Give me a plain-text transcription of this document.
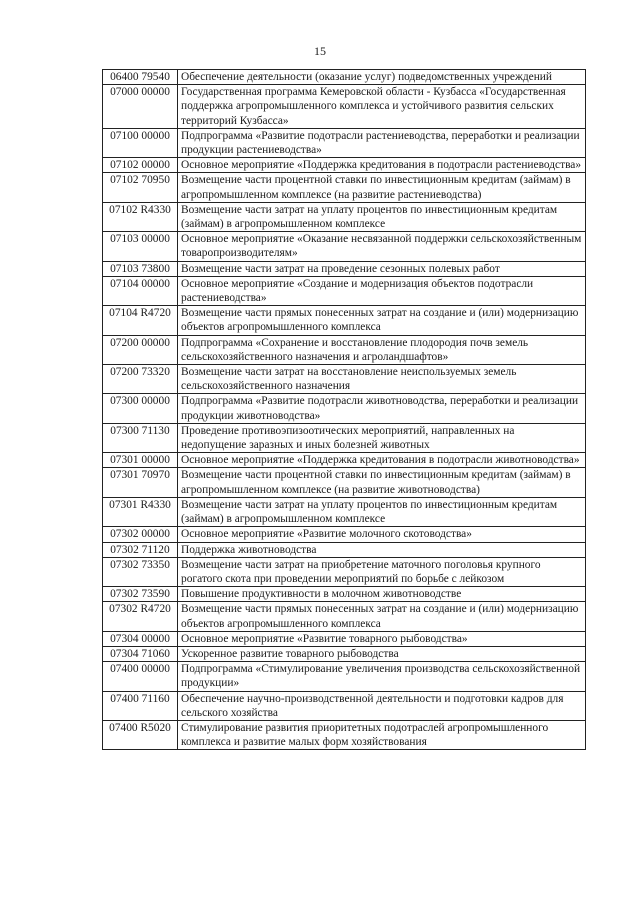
15
06400 79540	Обеспечение деятельности (оказание услуг) подведомственных учреждений
07000 00000	Государственная программа Кемеровской области - Кузбасса «Государственная поддержка агропромышленного комплекса и устойчивого развития сельских территорий Кузбасса»
07100 00000	Подпрограмма «Развитие подотрасли растениеводства, переработки и реализации продукции растениеводства»
07102 00000	Основное мероприятие «Поддержка кредитования в подотрасли растениеводства»
07102 70950	Возмещение части процентной ставки по инвестиционным кредитам (займам) в агропромышленном комплексе (на развитие растениеводства)
07102 R4330	Возмещение части затрат на уплату процентов по инвестиционным кредитам (займам) в агропромышленном комплексе
07103 00000	Основное мероприятие «Оказание несвязанной поддержки сельскохозяйственным товаропроизводителям»
07103 73800	Возмещение части затрат на проведение сезонных полевых работ
07104 00000	Основное мероприятие «Создание и модернизация объектов подотрасли растениеводства»
07104 R4720	Возмещение части прямых понесенных затрат на создание и (или) модернизацию объектов агропромышленного комплекса
07200 00000	Подпрограмма «Сохранение и восстановление плодородия почв земель сельскохозяйственного назначения и агроландшафтов»
07200 73320	Возмещение части затрат на восстановление неиспользуемых земель сельскохозяйственного назначения
07300 00000	Подпрограмма «Развитие подотрасли животноводства, переработки и реализации продукции животноводства»
07300 71130	Проведение противоэпизоотических мероприятий, направленных на недопущение заразных и иных болезней животных
07301 00000	Основное мероприятие «Поддержка кредитования в подотрасли животноводства»
07301 70970	Возмещение части процентной ставки по инвестиционным кредитам (займам) в агропромышленном комплексе (на развитие животноводства)
07301 R4330	Возмещение части затрат на уплату процентов по инвестиционным кредитам (займам) в агропромышленном комплексе
07302 00000	Основное мероприятие «Развитие молочного скотоводства»
07302 71120	Поддержка животноводства
07302 73350	Возмещение части затрат на приобретение маточного поголовья крупного рогатого скота при проведении мероприятий по борьбе с лейкозом
07302 73590	Повышение продуктивности в молочном животноводстве
07302 R4720	Возмещение части прямых понесенных затрат на создание и (или) модернизацию объектов агропромышленного комплекса
07304 00000	Основное мероприятие «Развитие товарного рыбоводства»
07304 71060	Ускоренное развитие товарного рыбоводства
07400 00000	Подпрограмма «Стимулирование увеличения производства сельскохозяйственной продукции»
07400 71160	Обеспечение научно-производственной деятельности и подготовки кадров для сельского хозяйства
07400 R5020	Стимулирование развития приоритетных подотраслей агропромышленного комплекса и развитие малых форм хозяйствования
